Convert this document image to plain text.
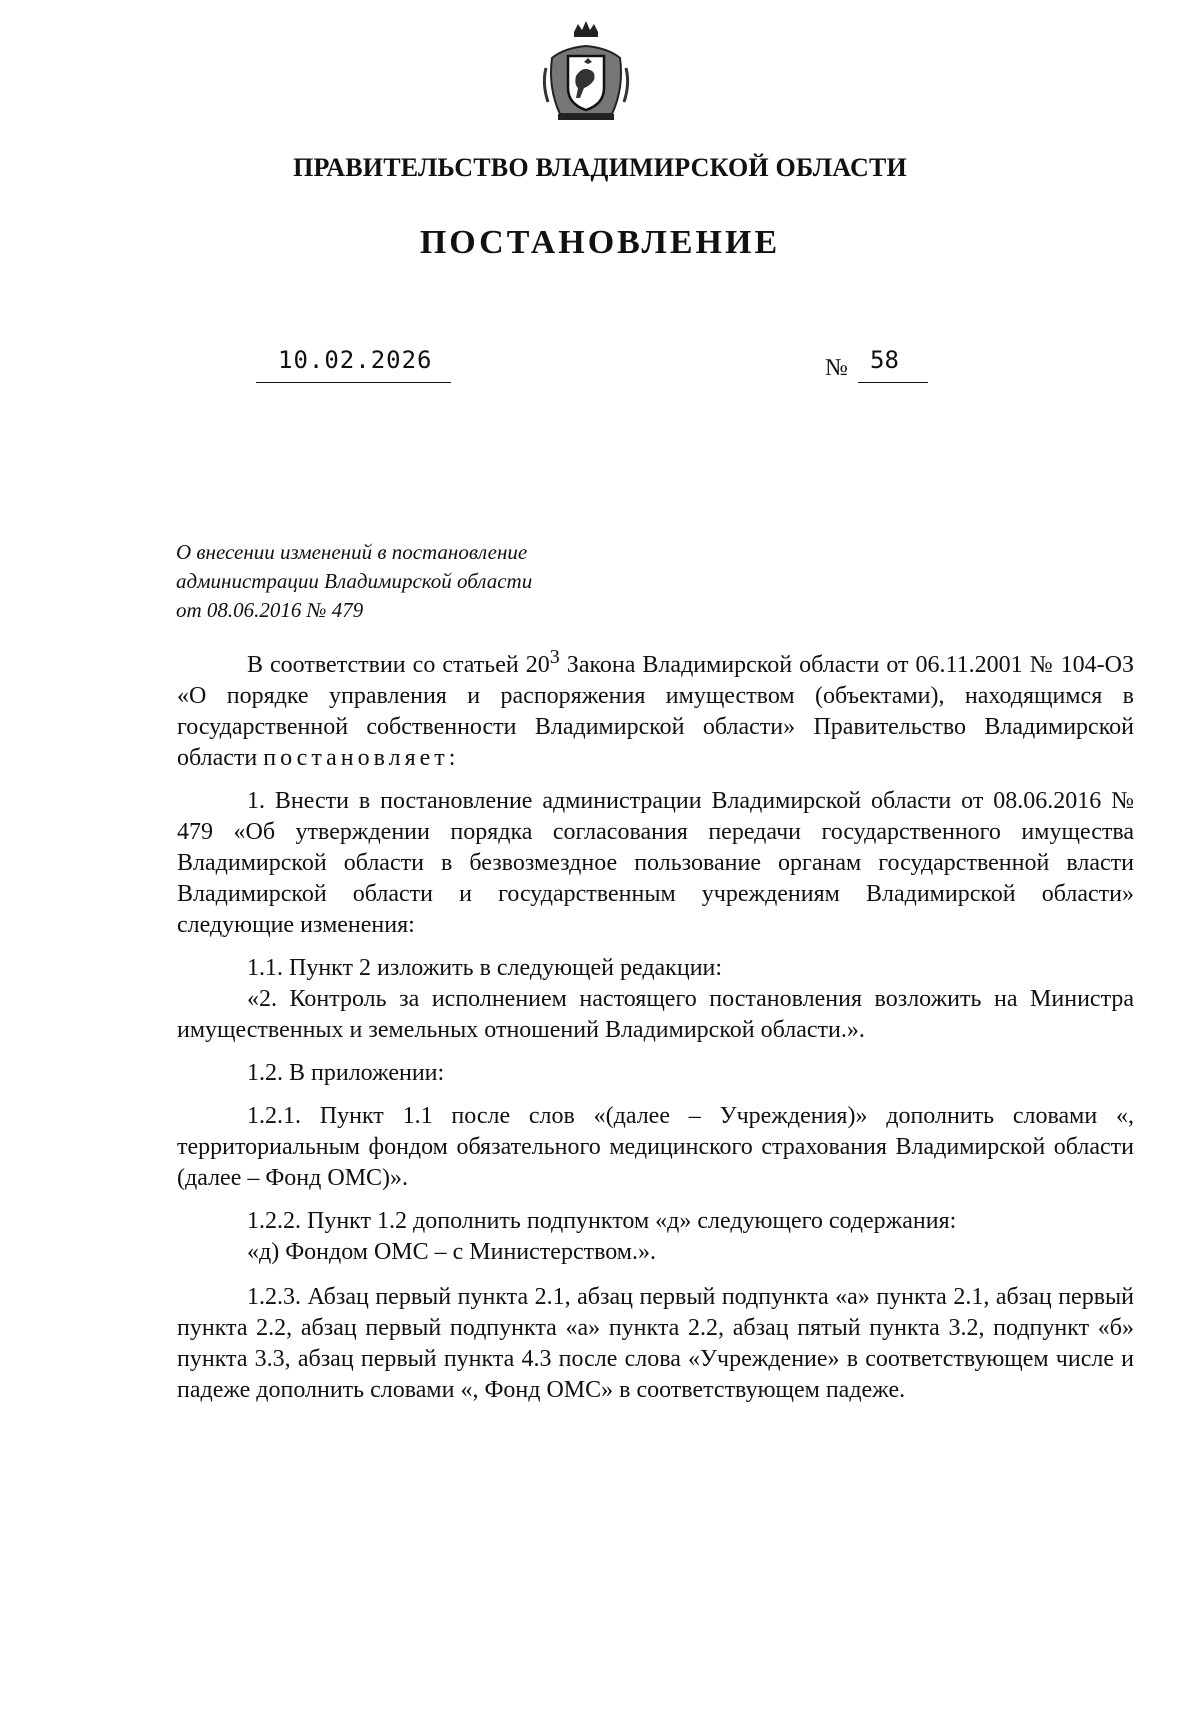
ПРАВИТЕЛЬСТВО ВЛАДИМИРСКОЙ ОБЛАСТИ
ПОСТАНОВЛЕНИЕ
10.02.2026	№ 58
О внесении изменений в постановление
администрации Владимирской области
от 08.06.2016 № 479

В соответствии со статьей $20^3$ Закона Владимирской области от 06.11.2001 № 104-ОЗ «О порядке управления и распоряжения имуществом (объектами), находящимся в государственной собственности Владимирской области» Правительство Владимирской области постановляет:

1. Внести в постановление администрации Владимирской области от 08.06.2016 № 479 «Об утверждении порядка согласования передачи государственного имущества Владимирской области в безвозмездное пользование органам государственной власти Владимирской области и государственным учреждениям Владимирской области» следующие изменения:

1.1. Пункт 2 изложить в следующей редакции:

«2. Контроль за исполнением настоящего постановления возложить на Министра имущественных и земельных отношений Владимирской области.».

1.2. В приложении:

1.2.1. Пункт 1.1 после слов «(далее – Учреждения)» дополнить словами «, территориальным фондом обязательного медицинского страхования Владимирской области (далее – Фонд ОМС)».

1.2.2. Пункт 1.2 дополнить подпунктом «д» следующего содержания:

«д) Фондом ОМС – с Министерством.».

1.2.3. Абзац первый пункта 2.1, абзац первый подпункта «а» пункта 2.1, абзац первый пункта 2.2, абзац первый подпункта «а» пункта 2.2, абзац пятый пункта 3.2, подпункт «б» пункта 3.3, абзац первый пункта 4.3 после слова «Учреждение» в соответствующем числе и падеже дополнить словами «, Фонд ОМС» в соответствующем падеже.
